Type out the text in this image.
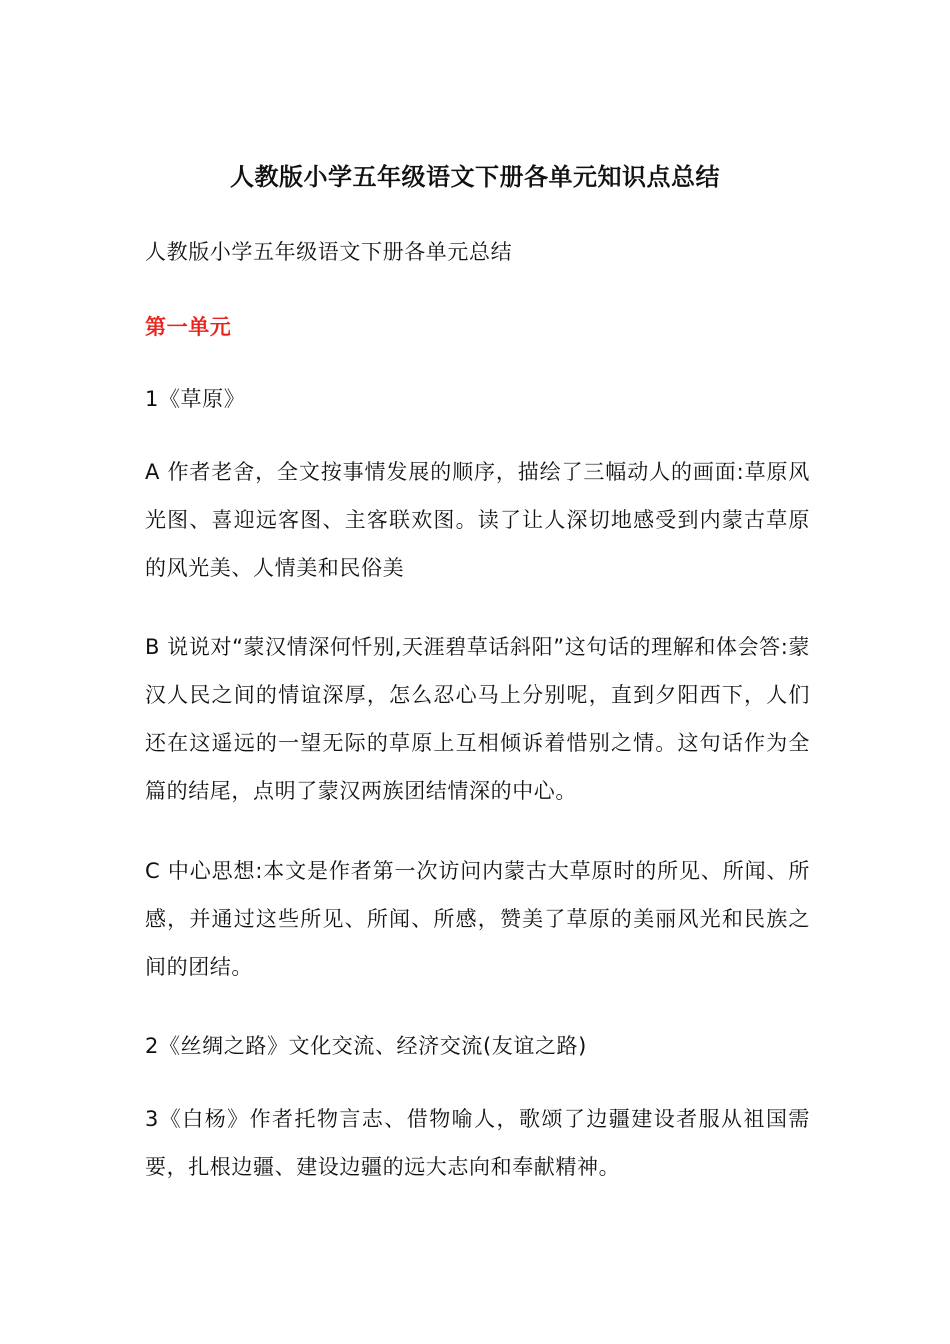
人教版小学五年级语文下册各单元知识点总结

人教版小学五年级语文下册各单元总结

第一单元

1《草原》

A 作者老舍，全文按事情发展的顺序，描绘了三幅动人的画面:草原风光图、喜迎远客图、主客联欢图。读了让人深切地感受到内蒙古草原的风光美、人情美和民俗美

B 说说对“蒙汉情深何忏别,天涯碧草话斜阳”这句话的理解和体会答:蒙汉人民之间的情谊深厚，怎么忍心马上分别呢，直到夕阳西下，人们还在这遥远的一望无际的草原上互相倾诉着惜别之情。这句话作为全篇的结尾，点明了蒙汉两族团结情深的中心。

C 中心思想:本文是作者第一次访问内蒙古大草原时的所见、所闻、所感，并通过这些所见、所闻、所感，赞美了草原的美丽风光和民族之间的团结。

2《丝绸之路》文化交流、经济交流(友谊之路)

3《白杨》作者托物言志、借物喻人，歌颂了边疆建设者服从祖国需要，扎根边疆、建设边疆的远大志向和奉献精神。
